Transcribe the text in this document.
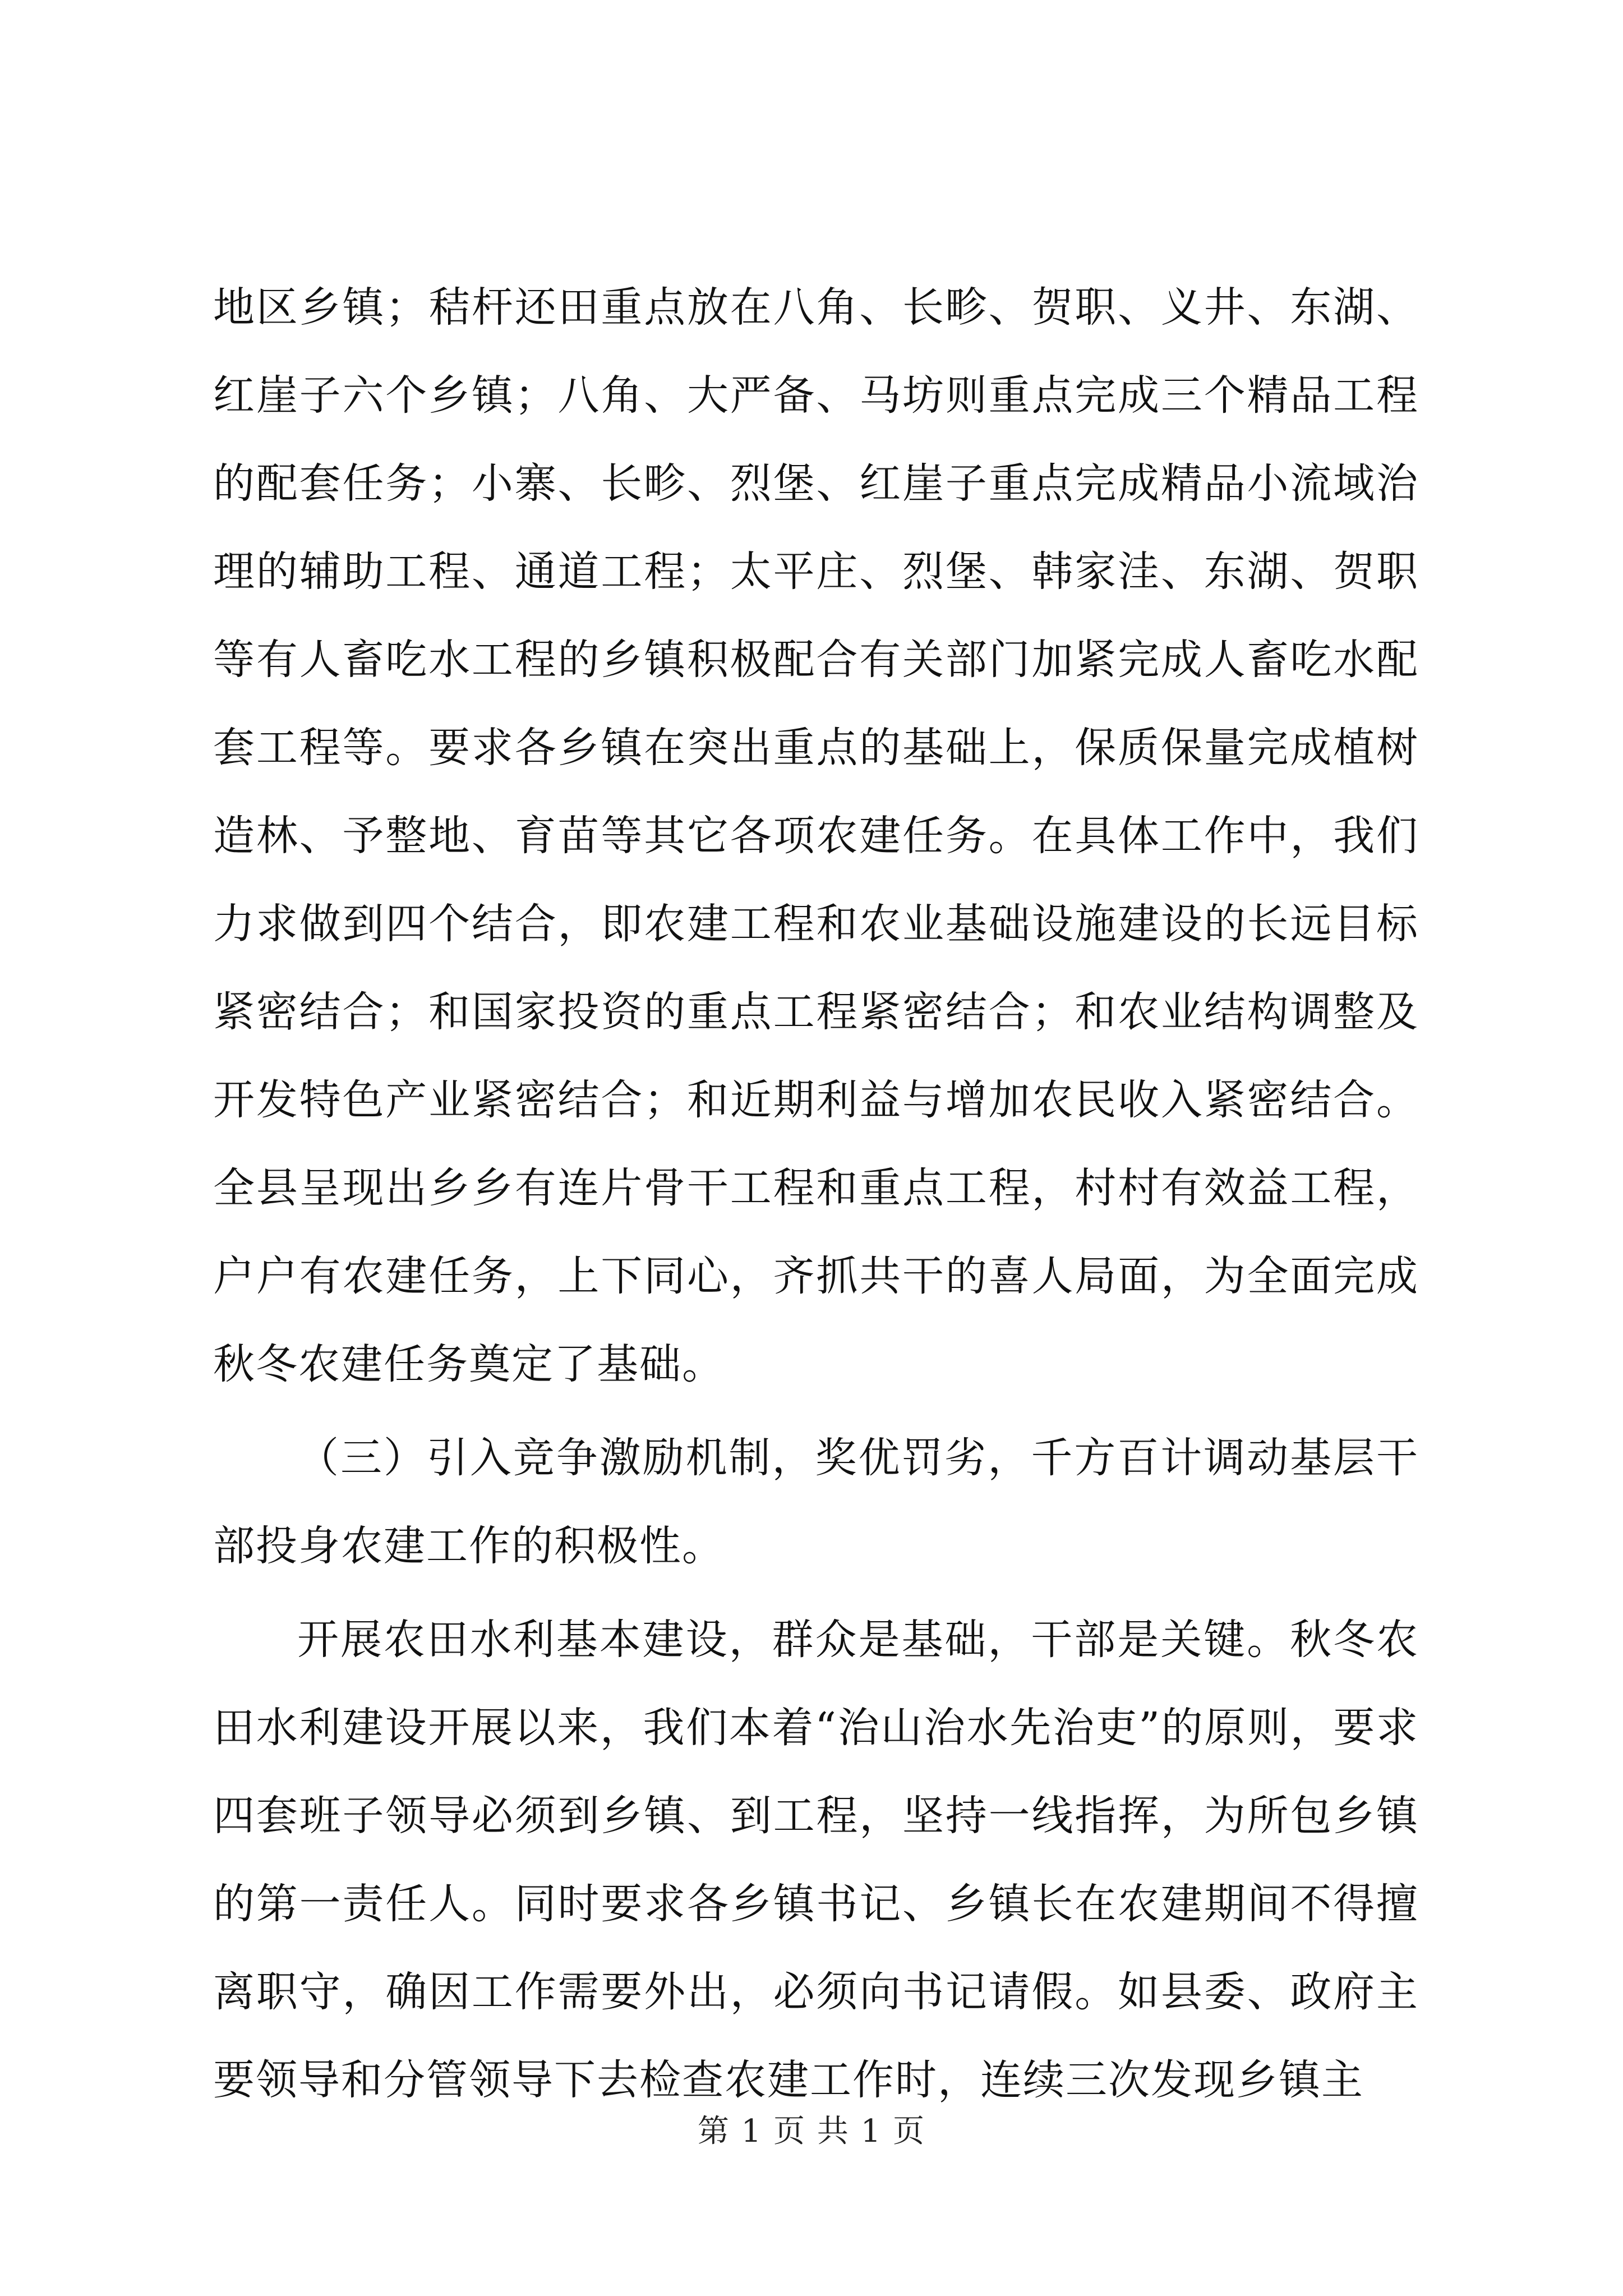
地区乡镇；秸杆还田重点放在八角、长畛、贺职、义井、东湖、红崖子六个乡镇；八角、大严备、马坊则重点完成三个精品工程的配套任务；小寨、长畛、烈堡、红崖子重点完成精品小流域治理的辅助工程、通道工程；太平庄、烈堡、韩家洼、东湖、贺职等有人畜吃水工程的乡镇积极配合有关部门加紧完成人畜吃水配套工程等。要求各乡镇在突出重点的基础上，保质保量完成植树造林、予整地、育苗等其它各项农建任务。在具体工作中，我们力求做到四个结合，即农建工程和农业基础设施建设的长远目标紧密结合；和国家投资的重点工程紧密结合；和农业结构调整及开发特色产业紧密结合；和近期利益与增加农民收入紧密结合。全县呈现出乡乡有连片骨干工程和重点工程，村村有效益工程，户户有农建任务，上下同心，齐抓共干的喜人局面，为全面完成秋冬农建任务奠定了基础。

（三）引入竞争激励机制，奖优罚劣，千方百计调动基层干部投身农建工作的积极性。

开展农田水利基本建设，群众是基础，干部是关键。秋冬农田水利建设开展以来，我们本着“治山治水先治吏”的原则，要求四套班子领导必须到乡镇、到工程，坚持一线指挥，为所包乡镇的第一责任人。同时要求各乡镇书记、乡镇长在农建期间不得擅离职守，确因工作需要外出，必须向书记请假。如县委、政府主要领导和分管领导下去检查农建工作时，连续三次发现乡镇主

第 1 页 共 1 页
